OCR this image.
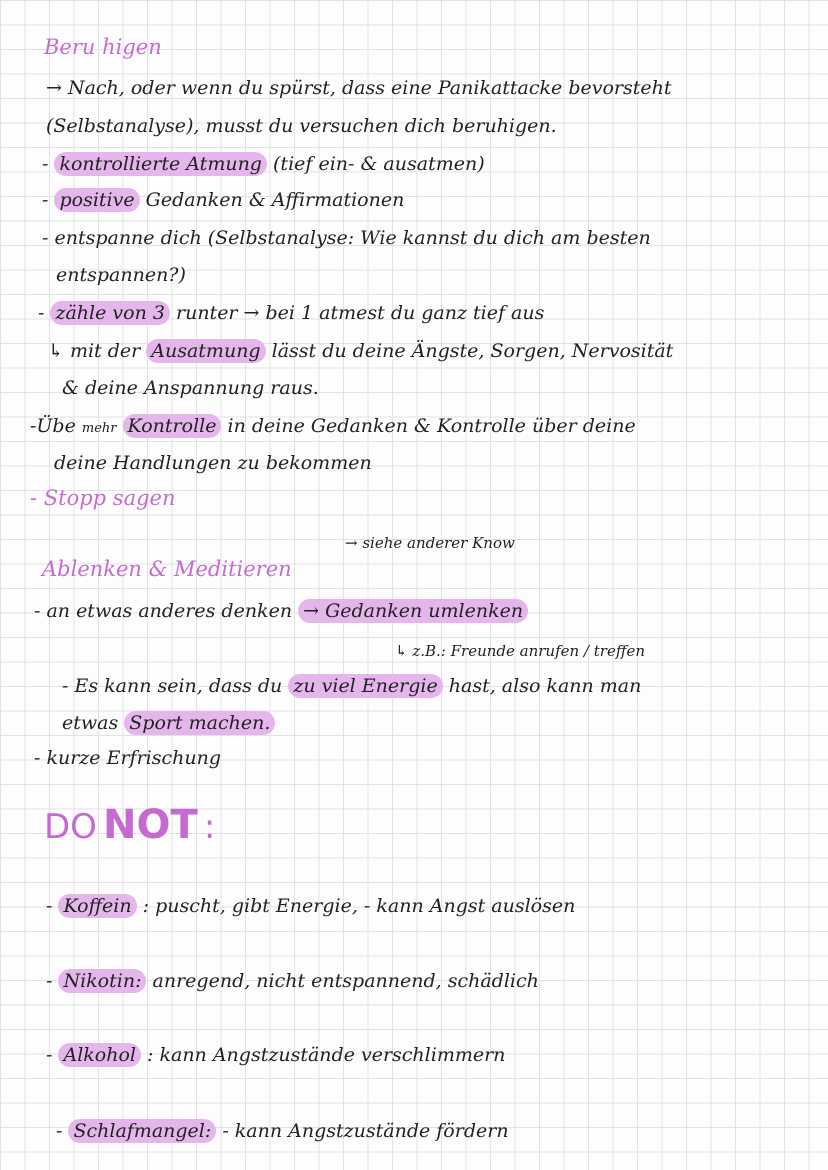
Beru higen
→ Nach, oder wenn du spürst, dass eine Panikattacke bevorsteht
(Selbstanalyse), musst du versuchen dich beruhigen.
- kontrollierte Atmung (tief ein- & ausatmen)
- positive Gedanken & Affirmationen
- entspanne dich (Selbstanalyse: Wie kannst du dich am besten
entspannen?)
- zähle von 3 runter → bei 1 atmest du ganz tief aus
↳ mit der Ausatmung lässt du deine Ängste, Sorgen, Nervosität
& deine Anspannung raus.
-Übe mehr Kontrolle in deine Gedanken & Kontrolle über deine
deine Handlungen zu bekommen
- Stopp sagen
→ siehe anderer Know
Ablenken & Meditieren
- an etwas anderes denken → Gedanken umlenken
↳ z.B.: Freunde anrufen / treffen
- Es kann sein, dass du zu viel Energie hast, also kann man
etwas Sport machen.
- kurze Erfrischung
DO NOT :
- Koffein : puscht, gibt Energie, - kann Angst auslösen
- Nikotin: anregend, nicht entspannend, schädlich
- Alkohol : kann Angstzustände verschlimmern
- Schlafmangel: - kann Angstzustände fördern
